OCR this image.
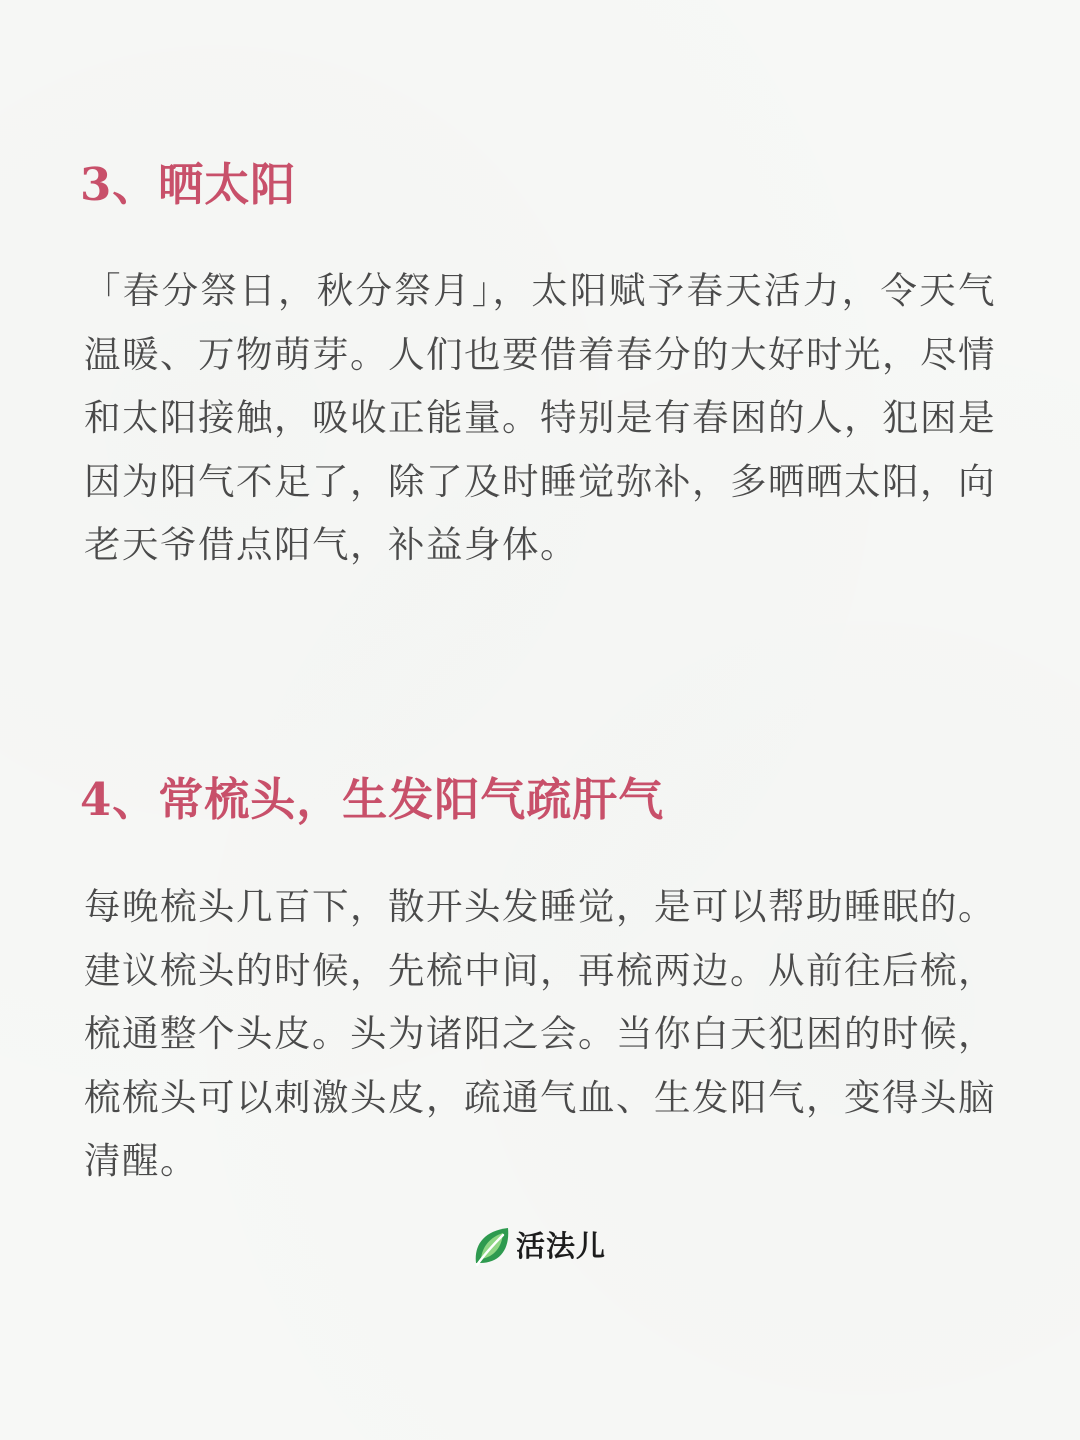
3、晒太阳

「春分祭日，秋分祭月」，太阳赋予春天活力，令天气温暖、万物萌芽。人们也要借着春分的大好时光，尽情和太阳接触，吸收正能量。特别是有春困的人，犯困是因为阳气不足了，除了及时睡觉弥补，多晒晒太阳，向老天爷借点阳气，补益身体。

4、常梳头，生发阳气疏肝气

每晚梳头几百下，散开头发睡觉，是可以帮助睡眠的。建议梳头的时候，先梳中间，再梳两边。从前往后梳，梳通整个头皮。头为诸阳之会。当你白天犯困的时候，梳梳头可以刺激头皮，疏通气血、生发阳气，变得头脑清醒。

活法儿
